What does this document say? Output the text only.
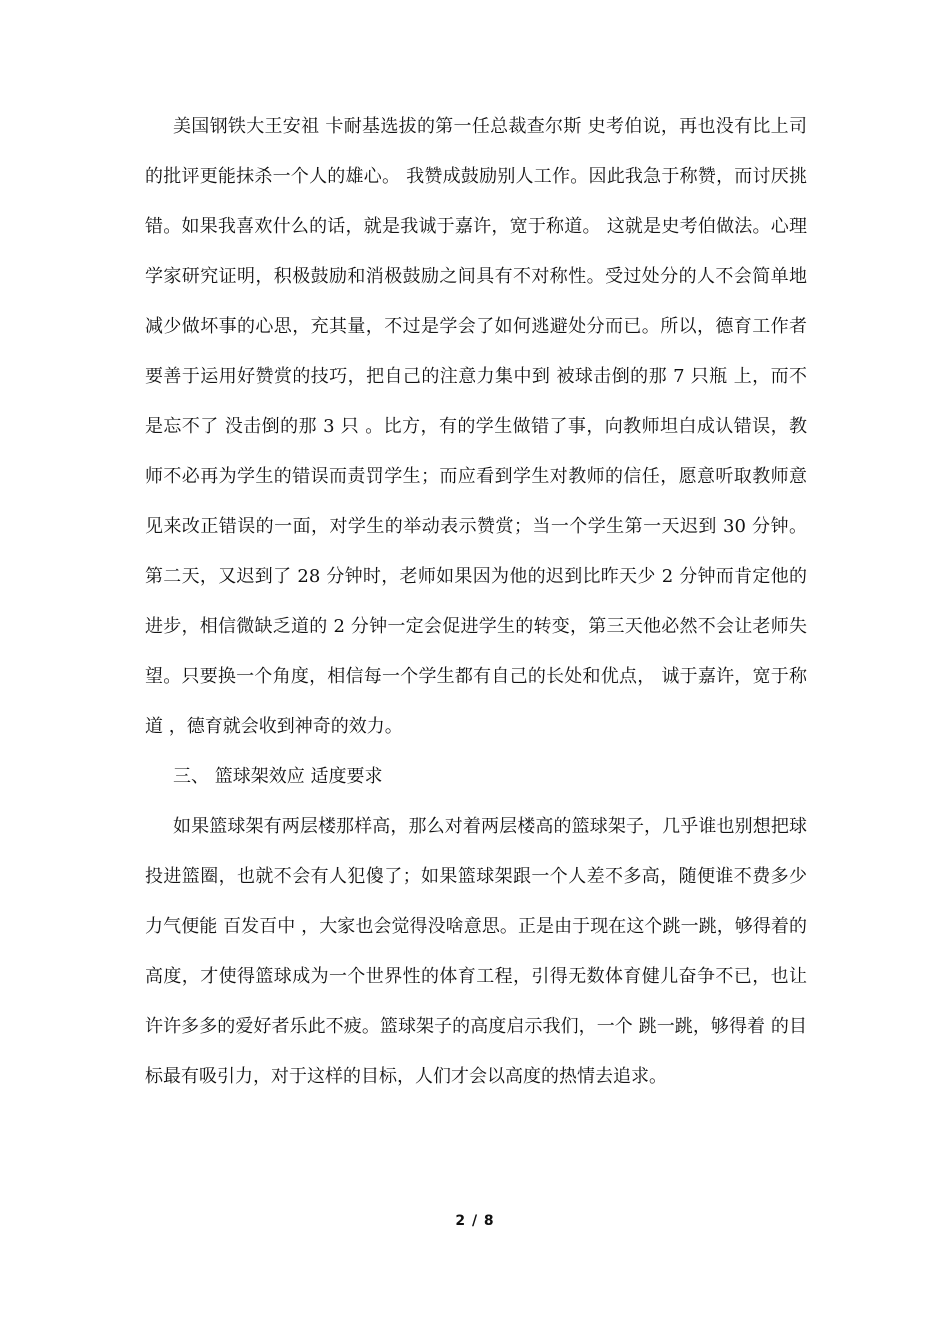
美国钢铁大王安祖 卡耐基选拔的第一任总裁查尔斯 史考伯说，再也没有比上司的批评更能抹杀一个人的雄心。 我赞成鼓励别人工作。因此我急于称赞，而讨厌挑错。如果我喜欢什么的话，就是我诚于嘉许，宽于称道。 这就是史考伯做法。心理学家研究证明，积极鼓励和消极鼓励之间具有不对称性。受过处分的人不会简单地减少做坏事的心思，充其量，不过是学会了如何逃避处分而已。所以，德育工作者要善于运用好赞赏的技巧，把自己的注意力集中到 被球击倒的那 7 只瓶 上，而不是忘不了 没击倒的那 3 只 。比方，有的学生做错了事，向教师坦白成认错误，教师不必再为学生的错误而责罚学生；而应看到学生对教师的信任，愿意听取教师意见来改正错误的一面，对学生的举动表示赞赏；当一个学生第一天迟到 30 分钟。第二天，又迟到了 28 分钟时，老师如果因为他的迟到比昨天少 2 分钟而肯定他的进步，相信微缺乏道的 2 分钟一定会促进学生的转变，第三天他必然不会让老师失望。只要换一个角度，相信每一个学生都有自己的长处和优点， 诚于嘉许，宽于称道 ，德育就会收到神奇的效力。

三、 篮球架效应 适度要求

如果篮球架有两层楼那样高，那么对着两层楼高的篮球架子，几乎谁也别想把球投进篮圈，也就不会有人犯傻了；如果篮球架跟一个人差不多高，随便谁不费多少力气便能 百发百中 ，大家也会觉得没啥意思。正是由于现在这个跳一跳，够得着的高度，才使得篮球成为一个世界性的体育工程，引得无数体育健儿奋争不已，也让许许多多的爱好者乐此不疲。篮球架子的高度启示我们，一个 跳一跳，够得着 的目标最有吸引力，对于这样的目标，人们才会以高度的热情去追求。

2 / 8
